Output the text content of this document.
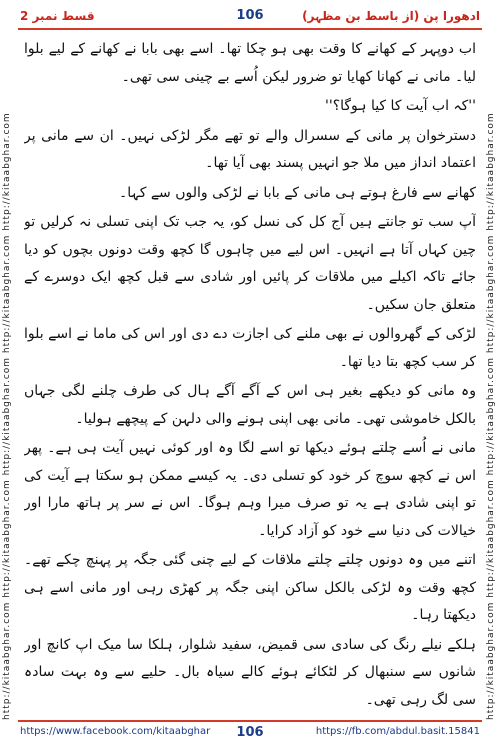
قسط نمبر 2	106	ادھورا پن (از باسط بن مظہر)
http://kitaabghar.com http://kitaabghar.com http://kitaabghar.com http://kitaabghar.com http://kitaabghar.com	http://kitaabghar.com http://kitaabghar.com http://kitaabghar.com http://kitaabghar.com http://kitaabghar.com

اب دوپہر کے کھانے کا وقت بھی ہو چکا تھا۔ اسے بھی بابا نے کھانے کے لیے بلوا لیا۔ مانی نے کھانا کھایا تو ضرور لیکن اُسے بے چینی سی تھی۔

''کہ اب آیت کا کیا ہوگا؟''

دسترخوان پر مانی کے سسرال والے تو تھے مگر لڑکی نہیں۔ ان سے مانی پر اعتماد انداز میں ملا جو انہیں پسند بھی آیا تھا۔

کھانے سے فارغ ہوتے ہی مانی کے بابا نے لڑکی والوں سے کہا۔

آپ سب تو جانتے ہیں آج کل کی نسل کو، یہ جب تک اپنی تسلی نہ کرلیں تو چین کہاں آتا ہے انہیں۔ اس لیے میں چاہوں گا کچھ وقت دونوں بچوں کو دیا جائے تاکہ اکیلے میں ملاقات کر پائیں اور شادی سے قبل کچھ ایک دوسرے کے متعلق جان سکیں۔

لڑکی کے گھروالوں نے بھی ملنے کی اجازت دے دی اور اس کی ماما نے اسے بلوا کر سب کچھ بتا دیا تھا۔

وہ مانی کو دیکھے بغیر ہی اس کے آگے آگے ہال کی طرف چلنے لگی جہاں بالکل خاموشی تھی۔ مانی بھی اپنی ہونے والی دلہن کے پیچھے ہولیا۔

مانی نے اُسے چلتے ہوئے دیکھا تو اسے لگا وہ اور کوئی نہیں آیت ہی ہے۔ پھر اس نے کچھ سوچ کر خود کو تسلی دی۔ یہ کیسے ممکن ہو سکتا ہے آیت کی تو اپنی شادی ہے یہ تو صرف میرا وہم ہوگا۔ اس نے سر پر ہاتھ مارا اور خیالات کی دنیا سے خود کو آزاد کرایا۔

اتنے میں وہ دونوں چلتے چلتے ملاقات کے لیے چنی گئی جگہ پر پہنچ چکے تھے۔ کچھ وقت وہ لڑکی بالکل ساکن اپنی جگہ پر کھڑی رہی اور مانی اسے ہی دیکھتا رہا۔

ہلکے نیلے رنگ کی سادی سی قمیض، سفید شلوار، ہلکا سا میک اپ کانچ اور شانوں سے سنبھال کر لٹکائے ہوئے کالے سیاہ بال۔ حلیے سے وہ بہت سادہ سی لگ رہی تھی۔

https://www.facebook.com/kitaabghar	106	https://fb.com/abdul.basit.15841
